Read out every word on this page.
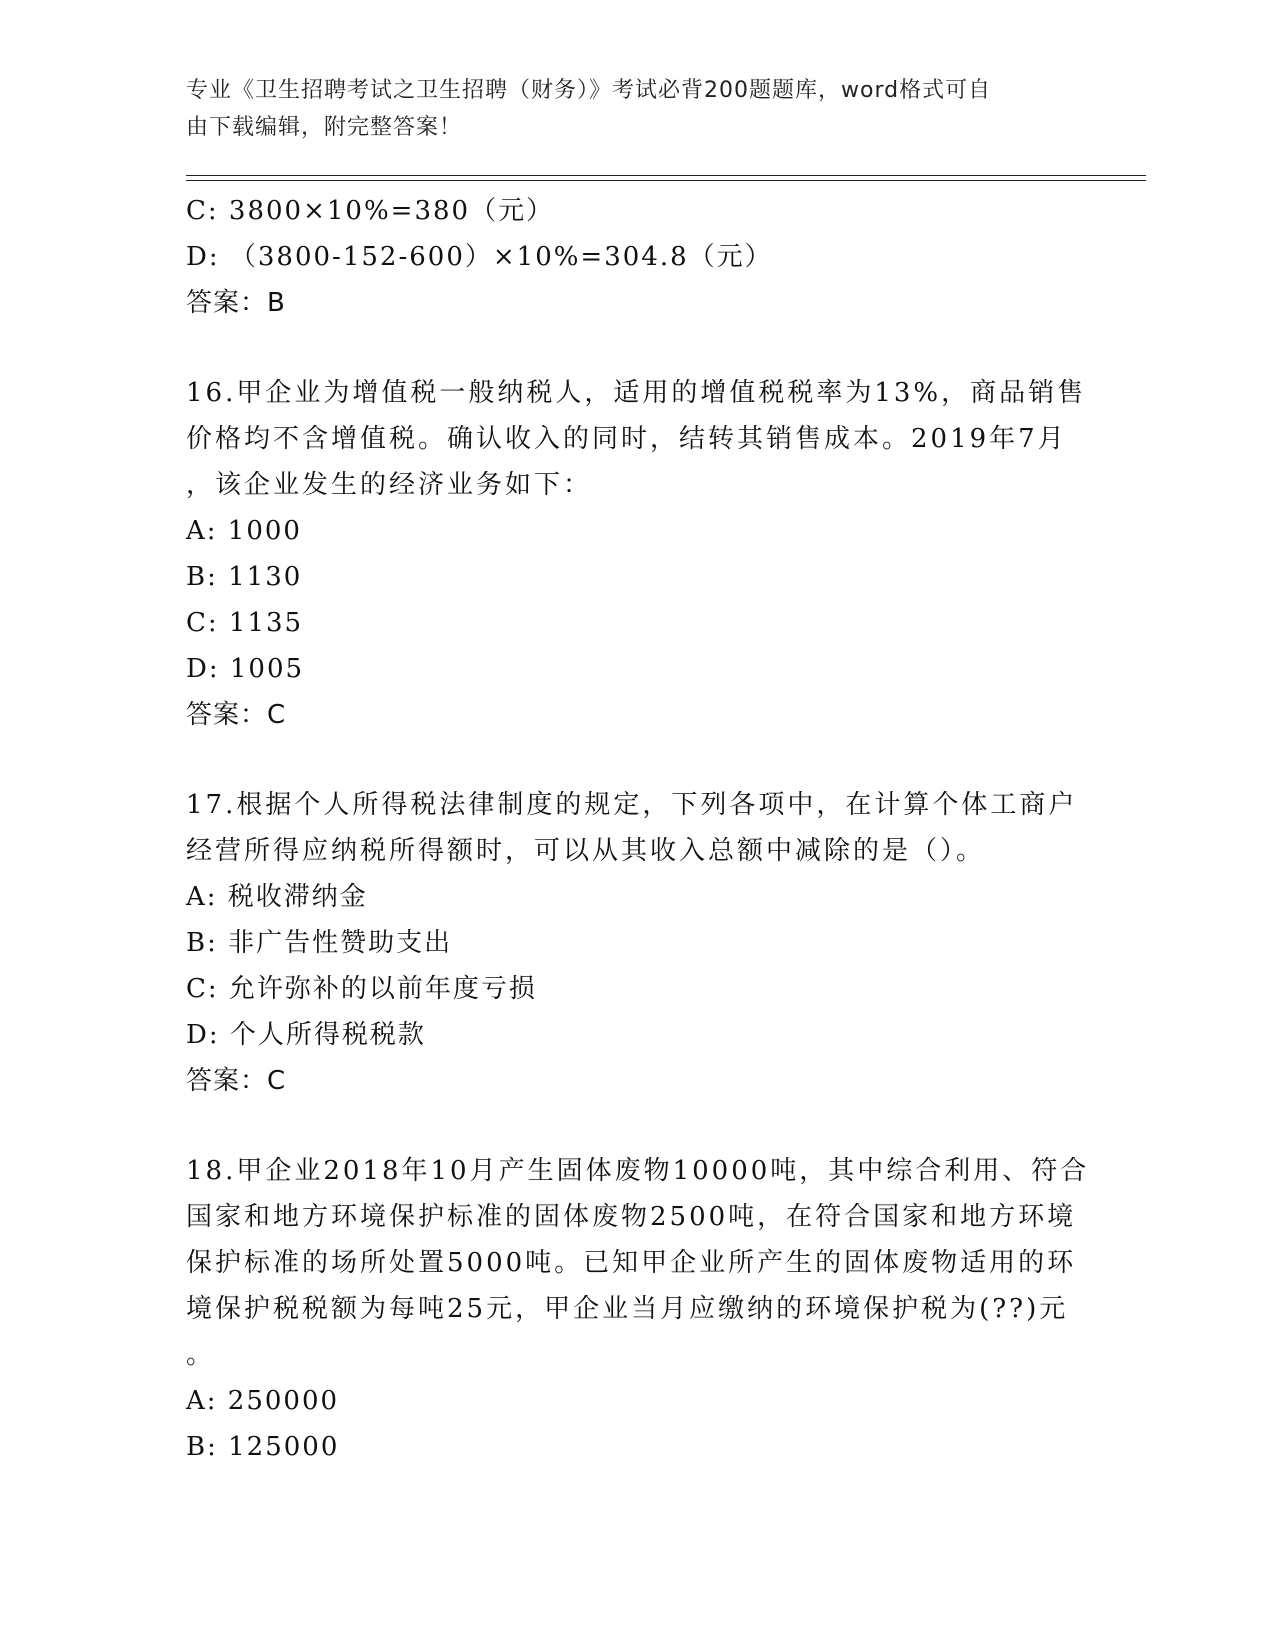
专业《卫生招聘考试之卫生招聘（财务）》考试必背200题题库，word格式可自
由下载编辑，附完整答案！
C: 3800×10%=380（元）
D: （3800-152-600）×10%=304.8（元）
答案：B
16.甲企业为增值税一般纳税人，适用的增值税税率为13%，商品销售
价格均不含增值税。确认收入的同时，结转其销售成本。2019年7月
，该企业发生的经济业务如下：
A: 1000
B: 1130
C: 1135
D: 1005
答案：C
17.根据个人所得税法律制度的规定，下列各项中，在计算个体工商户
经营所得应纳税所得额时，可以从其收入总额中减除的是（）。
A: 税收滞纳金
B: 非广告性赞助支出
C: 允许弥补的以前年度亏损
D: 个人所得税税款
答案：C
18.甲企业2018年10月产生固体废物10000吨，其中综合利用、符合
国家和地方环境保护标准的固体废物2500吨，在符合国家和地方环境
保护标准的场所处置5000吨。已知甲企业所产生的固体废物适用的环
境保护税税额为每吨25元，甲企业当月应缴纳的环境保护税为(??)元
。
A: 250000
B: 125000
